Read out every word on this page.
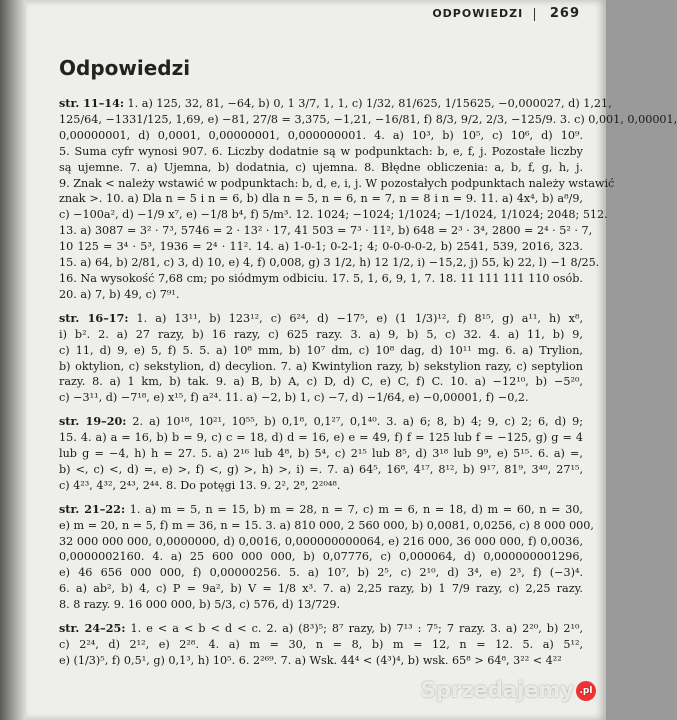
ODPOWIEDZI 269
Odpowiedzi
str. 11–14: 1. a) 125, 32, 81, −64, b) 0, 1 3/7, 1, 1, c) 1/32, 81/625, 1/15625, −0,000027, d) 1,21,
125/64, −1331/125, 1,69, e) −81, 27/8 = 3,375, −1,21, −16/81, f) 8/3, 9/2, 2/3, −125/9. 3. c) 0,001, 0,00001,
0,00000001, d) 0,0001, 0,00000001, 0,000000001. 4. a) 10³, b) 10⁵, c) 10⁶, d) 10⁹.
5. Suma cyfr wynosi 907. 6. Liczby dodatnie są w podpunktach: b, e, f, j. Pozostałe liczby
są ujemne. 7. a) Ujemna, b) dodatnia, c) ujemna. 8. Błędne obliczenia: a, b, f, g, h, j.
9. Znak < należy wstawić w podpunktach: b, d, e, i, j. W pozostałych podpunktach należy wstawić
znak >. 10. a) Dla n = 5 i n = 6, b) dla n = 5, n = 6, n = 7, n = 8 i n = 9. 11. a) 4x⁴, b) a⁸/9,
c) −100a², d) −1/9 x⁷, e) −1/8 b⁴, f) 5/m³. 12. 1024; −1024; 1/1024; −1/1024, 1/1024; 2048; 512.
13. a) 3087 = 3² · 7³, 5746 = 2 · 13² · 17, 41 503 = 7³ · 11², b) 648 = 2³ · 3⁴, 2800 = 2⁴ · 5² · 7,
10 125 = 3⁴ · 5³, 1936 = 2⁴ · 11². 14. a) 1-0-1; 0-2-1; 4; 0-0-0-0-2, b) 2541, 539, 2016, 323.
15. a) 64, b) 2/81, c) 3, d) 10, e) 4, f) 0,008, g) 3 1/2, h) 12 1/2, i) −15,2, j) 55, k) 22, l) −1 8/25.
16. Na wysokość 7,68 cm; po siódmym odbiciu. 17. 5, 1, 6, 9, 1, 7. 18. 11 111 111 110 osób.
20. a) 7, b) 49, c) 7⁹¹.
str. 16–17: 1. a) 13¹¹, b) 123¹², c) 6²⁴, d) −17⁵, e) (1 1/3)¹², f) 8¹⁵, g) a¹¹, h) x⁸,
i) b². 2. a) 27 razy, b) 16 razy, c) 625 razy. 3. a) 9, b) 5, c) 32. 4. a) 11, b) 9,
c) 11, d) 9, e) 5, f) 5. 5. a) 10⁸ mm, b) 10⁷ dm, c) 10⁸ dag, d) 10¹¹ mg. 6. a) Trylion,
b) oktylion, c) sekstylion, d) decylion. 7. a) Kwintylion razy, b) sekstylion razy, c) septylion
razy. 8. a) 1 km, b) tak. 9. a) B, b) A, c) D, d) C, e) C, f) C. 10. a) −12¹⁰, b) −5²⁰,
c) −3¹¹, d) −7¹⁸, e) x¹⁵, f) a²⁴. 11. a) −2, b) 1, c) −7, d) −1/64, e) −0,00001, f) −0,2.
str. 19–20: 2. a) 10¹⁸, 10²¹, 10⁵⁵, b) 0,1⁸, 0,1²⁷, 0,1⁴⁰. 3. a) 6; 8, b) 4; 9, c) 2; 6, d) 9;
15. 4. a) a = 16, b) b = 9, c) c = 18, d) d = 16, e) e = 49, f) f = 125 lub f = −125, g) g = 4
lub g = −4, h) h = 27. 5. a) 2¹⁶ lub 4⁸, b) 5⁴, c) 2¹⁵ lub 8⁵, d) 3¹⁸ lub 9⁹, e) 5¹⁵. 6. a) =,
b) <, c) <, d) =, e) >, f) <, g) >, h) >, i) =. 7. a) 64⁵, 16⁸, 4¹⁷, 8¹², b) 9¹⁷, 81⁹, 3⁴⁰, 27¹⁵,
c) 4²³, 4³², 2⁴³, 2⁴⁴. 8. Do potęgi 13. 9. 2², 2⁸, 2²⁰⁴⁸.
str. 21–22: 1. a) m = 5, n = 15, b) m = 28, n = 7, c) m = 6, n = 18, d) m = 60, n = 30,
e) m = 20, n = 5, f) m = 36, n = 15. 3. a) 810 000, 2 560 000, b) 0,0081, 0,0256, c) 8 000 000,
32 000 000 000, 0,0000000, d) 0,0016, 0,000000000064, e) 216 000, 36 000 000, f) 0,0036,
0,0000002160. 4. a) 25 600 000 000, b) 0,07776, c) 0,000064, d) 0,000000001296,
e) 46 656 000 000, f) 0,00000256. 5. a) 10⁷, b) 2⁵, c) 2¹⁰, d) 3⁴, e) 2³, f) (−3)⁴.
6. a) ab², b) 4, c) P = 9a², b) V = 1/8 x³. 7. a) 2,25 razy, b) 1 7/9 razy, c) 2,25 razy.
8. 8 razy. 9. 16 000 000, b) 5/3, c) 576, d) 13/729.
str. 24–25: 1. e < a < b < d < c. 2. a) (8³)⁵; 8⁷ razy, b) 7¹³ : 7⁵; 7 razy. 3. a) 2²⁰, b) 2¹⁰,
c) 2²⁴, d) 2¹², e) 2²⁸. 4. a) m = 30, n = 8, b) m = 12, n = 12. 5. a) 5¹²,
e) (1/3)⁵, f) 0,5¹, g) 0,1³, h) 10⁵. 6. 2²⁶⁹. 7. a) Wsk. 44⁴ < (4³)⁴, b) wsk. 65⁸ > 64⁸, 3²² < 4²²
Sprzedajemy .pl
